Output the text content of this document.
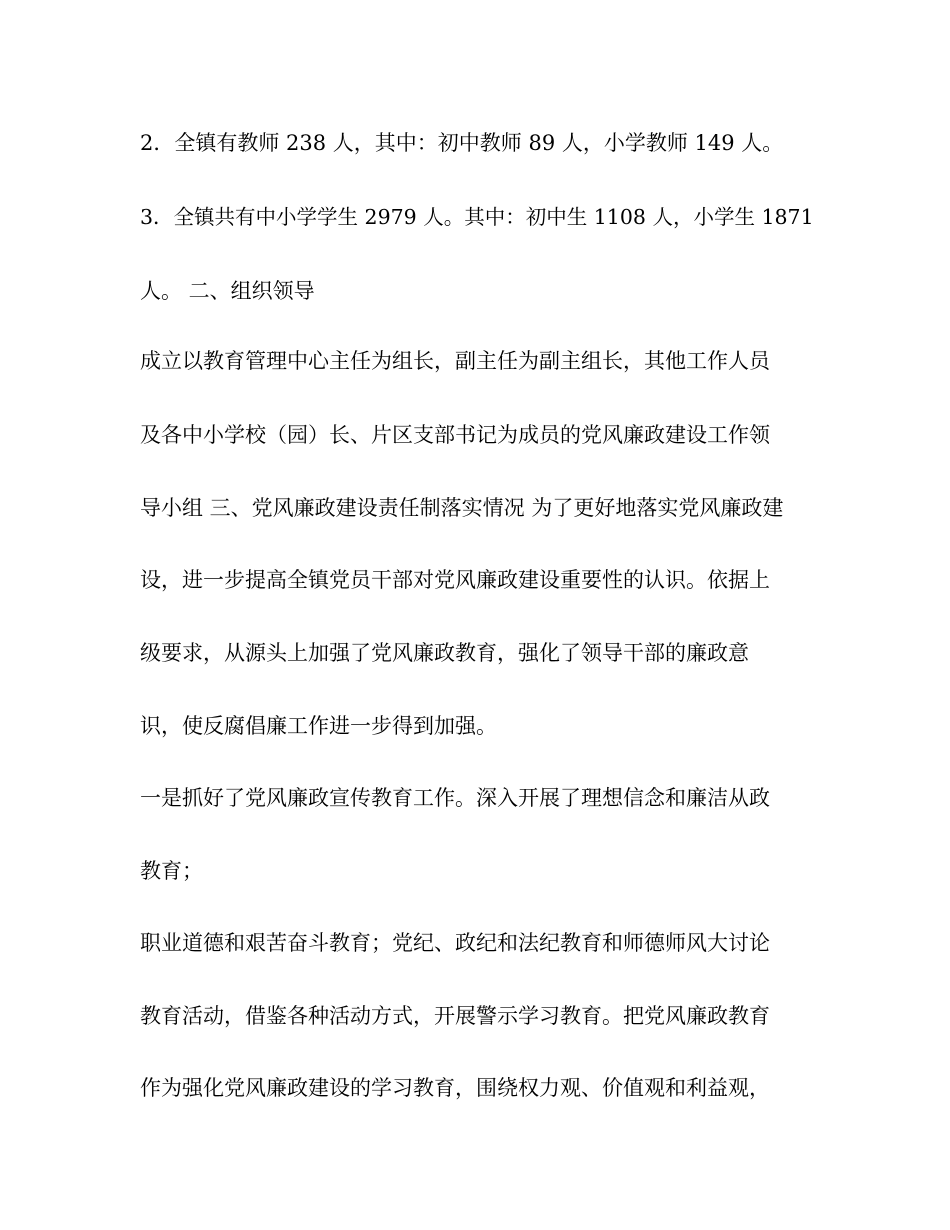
2．全镇有教师 238 人，其中：初中教师 89 人，小学教师 149 人。
3．全镇共有中小学学生 2979 人。其中：初中生 1108 人，小学生 1871
人。 二、组织领导
成立以教育管理中心主任为组长，副主任为副主组长，其他工作人员
及各中小学校（园）长、片区支部书记为成员的党风廉政建设工作领
导小组 三、党风廉政建设责任制落实情况 为了更好地落实党风廉政建
设，进一步提高全镇党员干部对党风廉政建设重要性的认识。依据上
级要求，从源头上加强了党风廉政教育，强化了领导干部的廉政意
识，使反腐倡廉工作进一步得到加强。
一是抓好了党风廉政宣传教育工作。深入开展了理想信念和廉洁从政
教育；
职业道德和艰苦奋斗教育；党纪、政纪和法纪教育和师德师风大讨论
教育活动，借鉴各种活动方式，开展警示学习教育。把党风廉政教育
作为强化党风廉政建设的学习教育，围绕权力观、价值观和利益观，
